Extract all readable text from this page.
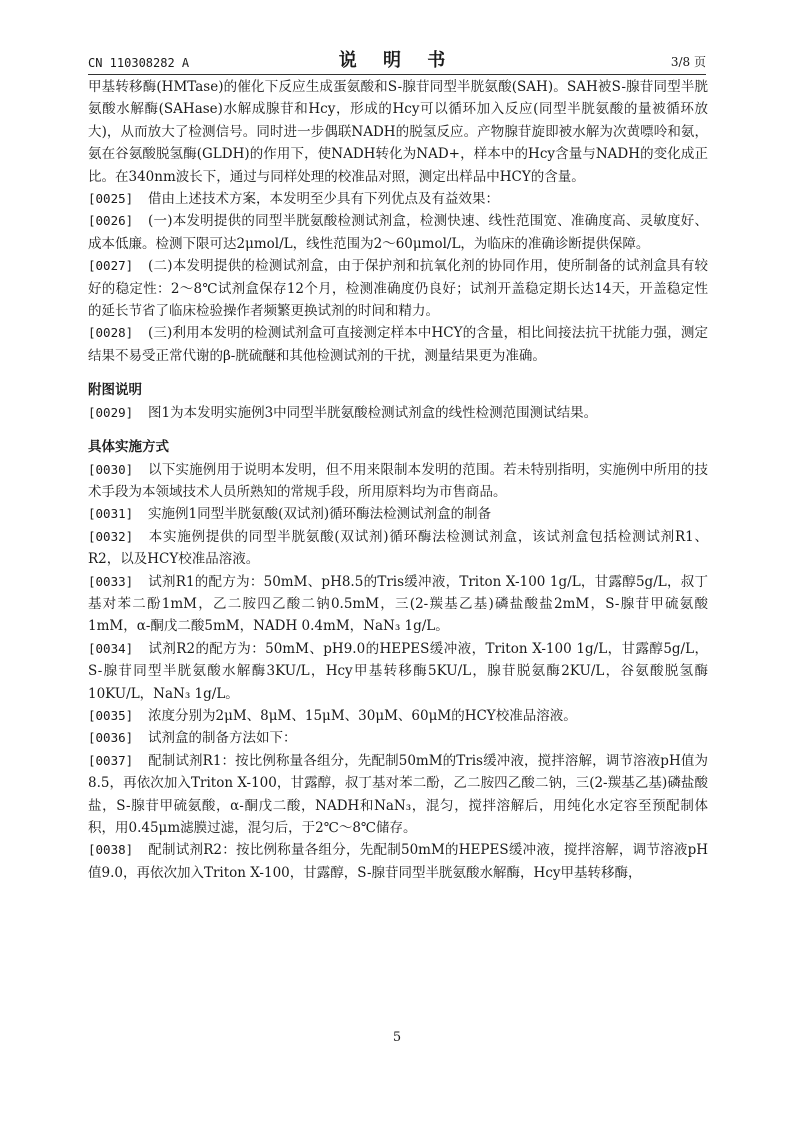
CN 110308282 A	说 明 书	3/8 页

甲基转移酶(HMTase)的催化下反应生成蛋氨酸和S-腺苷同型半胱氨酸(SAH)。SAH被S-腺苷同型半胱氨酸水解酶(SAHase)水解成腺苷和Hcy，形成的Hcy可以循环加入反应(同型半胱氨酸的量被循环放大)，从而放大了检测信号。同时进一步偶联NADH的脱氢反应。产物腺苷旋即被水解为次黄嘌呤和氨，氨在谷氨酸脱氢酶(GLDH)的作用下，使NADH转化为NAD+，样本中的Hcy含量与NADH的变化成正比。在340nm波长下，通过与同样处理的校准品对照，测定出样品中HCY的含量。

[0025] 借由上述技术方案，本发明至少具有下列优点及有益效果：

[0026] (一)本发明提供的同型半胱氨酸检测试剂盒，检测快速、线性范围宽、准确度高、灵敏度好、成本低廉。检测下限可达2μmol/L，线性范围为2～60μmol/L，为临床的准确诊断提供保障。

[0027] (二)本发明提供的检测试剂盒，由于保护剂和抗氧化剂的协同作用，使所制备的试剂盒具有较好的稳定性：2～8℃试剂盒保存12个月，检测准确度仍良好；试剂开盖稳定期长达14天，开盖稳定性的延长节省了临床检验操作者频繁更换试剂的时间和精力。

[0028] (三)利用本发明的检测试剂盒可直接测定样本中HCY的含量，相比间接法抗干扰能力强，测定结果不易受正常代谢的β-胱硫醚和其他检测试剂的干扰，测量结果更为准确。

附图说明

[0029] 图1为本发明实施例3中同型半胱氨酸检测试剂盒的线性检测范围测试结果。

具体实施方式

[0030] 以下实施例用于说明本发明，但不用来限制本发明的范围。若未特别指明，实施例中所用的技术手段为本领域技术人员所熟知的常规手段，所用原料均为市售商品。

[0031] 实施例1同型半胱氨酸(双试剂)循环酶法检测试剂盒的制备

[0032] 本实施例提供的同型半胱氨酸(双试剂)循环酶法检测试剂盒，该试剂盒包括检测试剂R1、R2，以及HCY校准品溶液。

[0033] 试剂R1的配方为：50mM、pH8.5的Tris缓冲液，Triton X-100 1g/L，甘露醇5g/L，叔丁基对苯二酚1mM，乙二胺四乙酸二钠0.5mM，三(2-羰基乙基)磷盐酸盐2mM，S-腺苷甲硫氨酸1mM，α-酮戊二酸5mM，NADH 0.4mM，NaN₃ 1g/L。

[0034] 试剂R2的配方为：50mM、pH9.0的HEPES缓冲液，Triton X-100 1g/L，甘露醇5g/L，S-腺苷同型半胱氨酸水解酶3KU/L，Hcy甲基转移酶5KU/L，腺苷脱氨酶2KU/L，谷氨酸脱氢酶10KU/L，NaN₃ 1g/L。

[0035] 浓度分别为2μM、8μM、15μM、30μM、60μM的HCY校准品溶液。

[0036] 试剂盒的制备方法如下：

[0037] 配制试剂R1：按比例称量各组分，先配制50mM的Tris缓冲液，搅拌溶解，调节溶液pH值为8.5，再依次加入Triton X-100，甘露醇，叔丁基对苯二酚，乙二胺四乙酸二钠，三(2-羰基乙基)磷盐酸盐，S-腺苷甲硫氨酸，α-酮戊二酸，NADH和NaN₃，混匀，搅拌溶解后，用纯化水定容至预配制体积，用0.45μm滤膜过滤，混匀后，于2℃～8℃储存。

[0038] 配制试剂R2：按比例称量各组分，先配制50mM的HEPES缓冲液，搅拌溶解，调节溶液pH值9.0，再依次加入Triton X-100，甘露醇，S-腺苷同型半胱氨酸水解酶，Hcy甲基转移酶，

5
